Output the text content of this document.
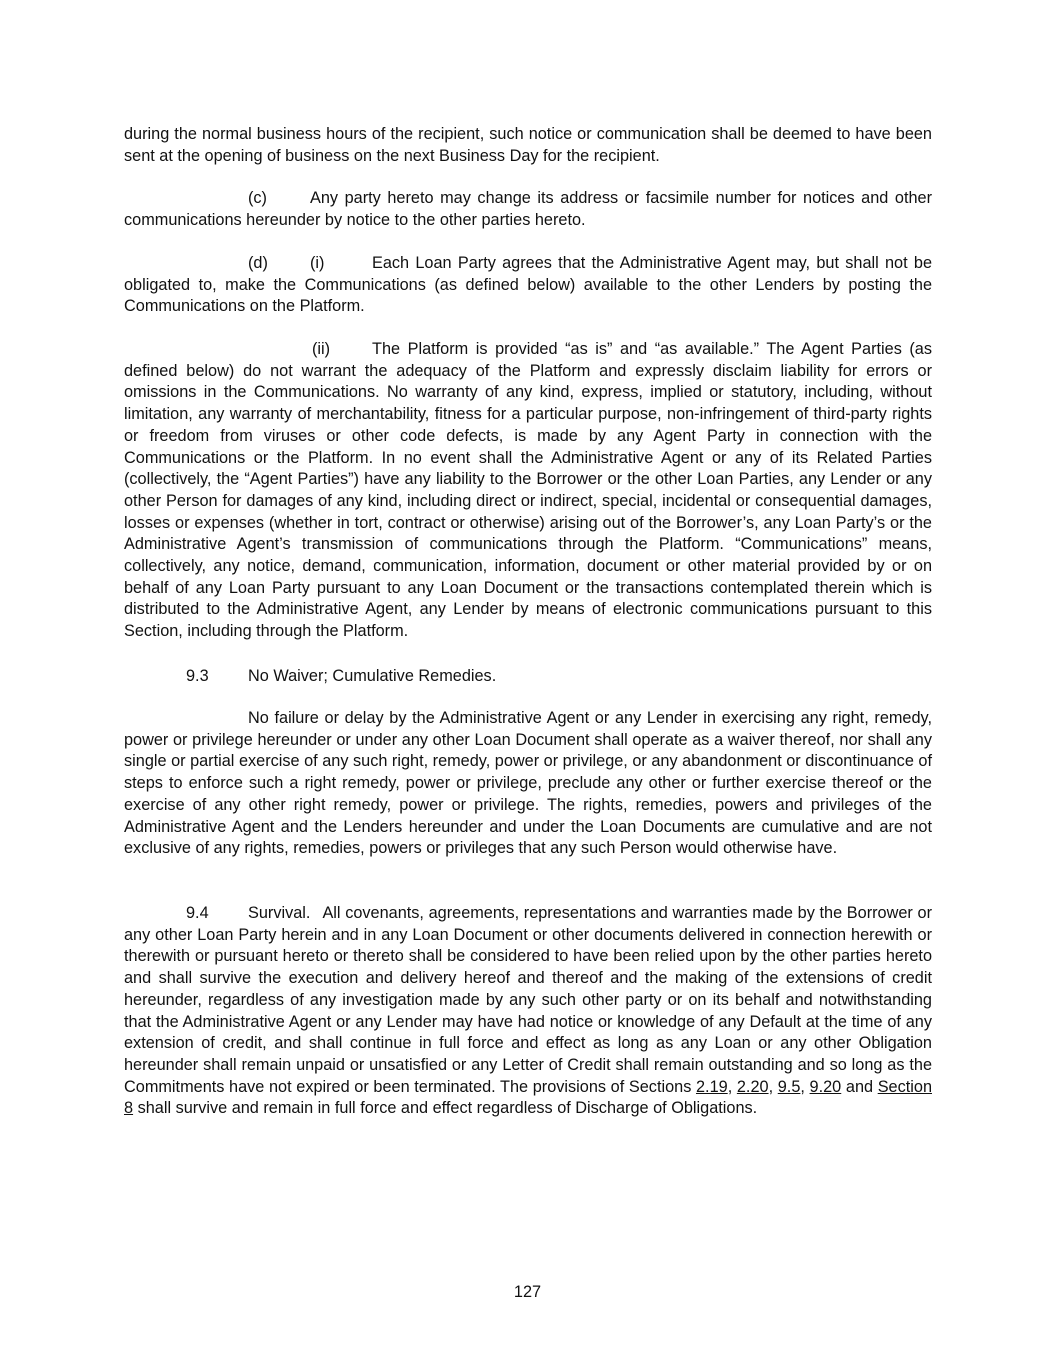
during the normal business hours of the recipient, such notice or communication shall be deemed to have been sent at the opening of business on the next Business Day for the recipient.

(c)	Any party hereto may change its address or facsimile number for notices and other communications hereunder by notice to the other parties hereto.

(d)	(i)	Each Loan Party agrees that the Administrative Agent may, but shall not be obligated to, make the Communications (as defined below) available to the other Lenders by posting the Communications on the Platform.

(ii)	The Platform is provided “as is” and “as available.” The Agent Parties (as defined below) do not warrant the adequacy of the Platform and expressly disclaim liability for errors or omissions in the Communications. No warranty of any kind, express, implied or statutory, including, without limitation, any warranty of merchantability, fitness for a particular purpose, non-infringement of third-party rights or freedom from viruses or other code defects, is made by any Agent Party in connection with the Communications or the Platform. In no event shall the Administrative Agent or any of its Related Parties (collectively, the “Agent Parties”) have any liability to the Borrower or the other Loan Parties, any Lender or any other Person for damages of any kind, including direct or indirect, special, incidental or consequential damages, losses or expenses (whether in tort, contract or otherwise) arising out of the Borrower’s, any Loan Party’s or the Administrative Agent’s transmission of communications through the Platform. “Communications” means, collectively, any notice, demand, communication, information, document or other material provided by or on behalf of any Loan Party pursuant to any Loan Document or the transactions contemplated therein which is distributed to the Administrative Agent, any Lender by means of electronic communications pursuant to this Section, including through the Platform.

9.3 No Waiver; Cumulative Remedies.

No failure or delay by the Administrative Agent or any Lender in exercising any right, remedy, power or privilege hereunder or under any other Loan Document shall operate as a waiver thereof, nor shall any single or partial exercise of any such right, remedy, power or privilege, or any abandonment or discontinuance of steps to enforce such a right remedy, power or privilege, preclude any other or further exercise thereof or the exercise of any other right remedy, power or privilege. The rights, remedies, powers and privileges of the Administrative Agent and the Lenders hereunder and under the Loan Documents are cumulative and are not exclusive of any rights, remedies, powers or privileges that any such Person would otherwise have.

9.4 Survival. All covenants, agreements, representations and warranties made by the Borrower or any other Loan Party herein and in any Loan Document or other documents delivered in connection herewith or therewith or pursuant hereto or thereto shall be considered to have been relied upon by the other parties hereto and shall survive the execution and delivery hereof and thereof and the making of the extensions of credit hereunder, regardless of any investigation made by any such other party or on its behalf and notwithstanding that the Administrative Agent or any Lender may have had notice or knowledge of any Default at the time of any extension of credit, and shall continue in full force and effect as long as any Loan or any other Obligation hereunder shall remain unpaid or unsatisfied or any Letter of Credit shall remain outstanding and so long as the Commitments have not expired or been terminated. The provisions of Sections 2.19, 2.20, 9.5, 9.20 and Section 8 shall survive and remain in full force and effect regardless of Discharge of Obligations.

127
